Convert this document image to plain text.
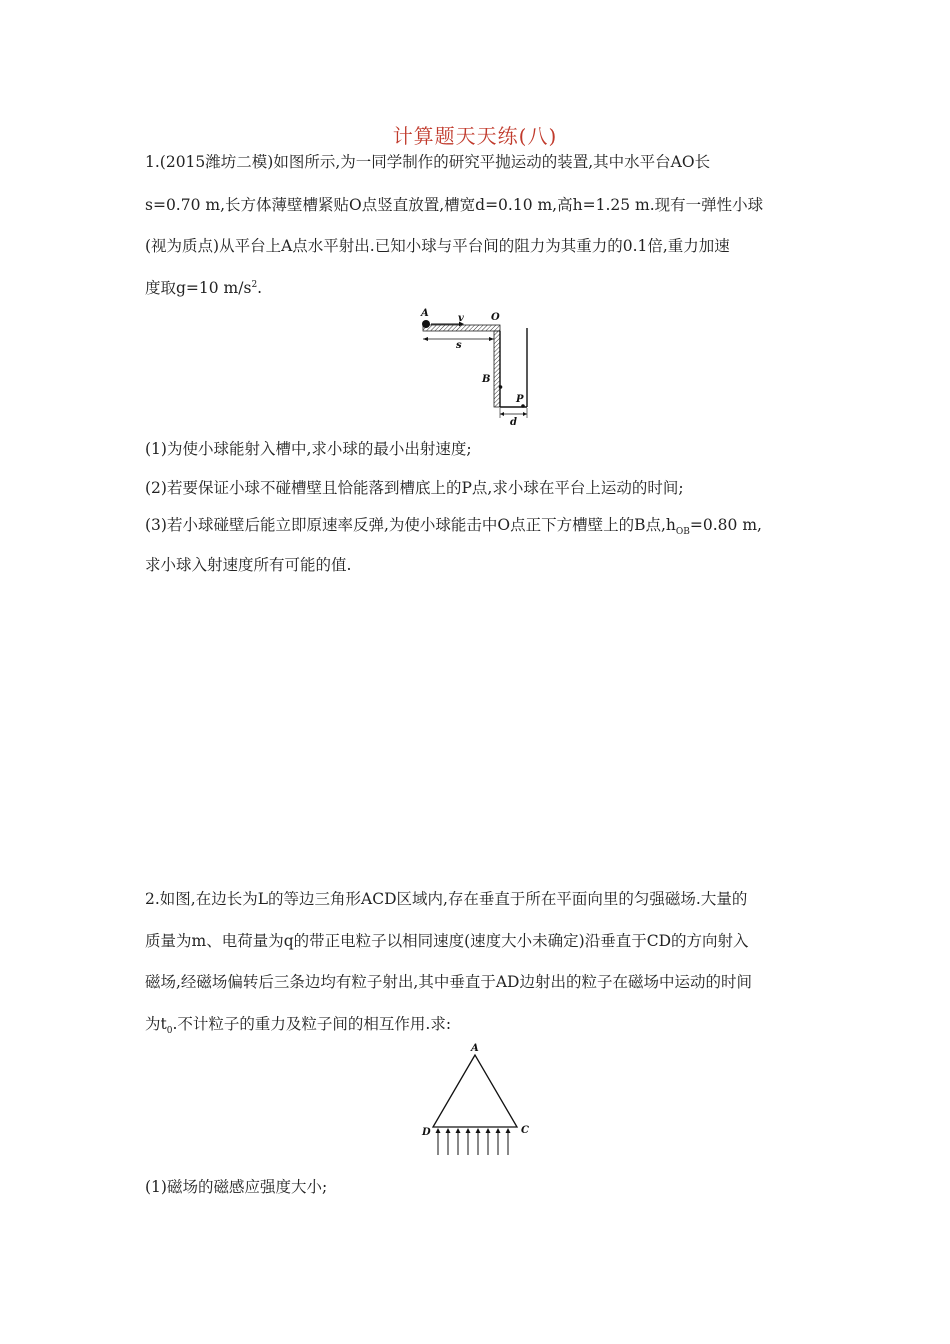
计算题天天练(八)
1.(2015潍坊二模)如图所示,为一同学制作的研究平抛运动的装置,其中水平台AO长
s=0.70 m,长方体薄壁槽紧贴O点竖直放置,槽宽d=0.10 m,高h=1.25 m.现有一弹性小球
(视为质点)从平台上A点水平射出.已知小球与平台间的阻力为其重力的0.1倍,重力加速
度取g=10 $m/s^2$.
A	v	O
s
B
P
d
(1)为使小球能射入槽中,求小球的最小出射速度;
(2)若要保证小球不碰槽壁且恰能落到槽底上的P点,求小球在平台上运动的时间;
(3)若小球碰壁后能立即原速率反弹,为使小球能击中O点正下方槽壁上的B点$,h_{OB}=0.80$ m,
求小球入射速度所有可能的值.
2.如图,在边长为L的等边三角形ACD区域内,存在垂直于所在平面向里的匀强磁场.大量的
质量为m、电荷量为q的带正电粒子以相同速度(速度大小未确定)沿垂直于CD的方向射入
磁场,经磁场偏转后三条边均有粒子射出,其中垂直于AD边射出的粒子在磁场中运动的时间
为$t_0$.不计粒子的重力及粒子间的相互作用.求:
A
D	C
(1)磁场的磁感应强度大小;
